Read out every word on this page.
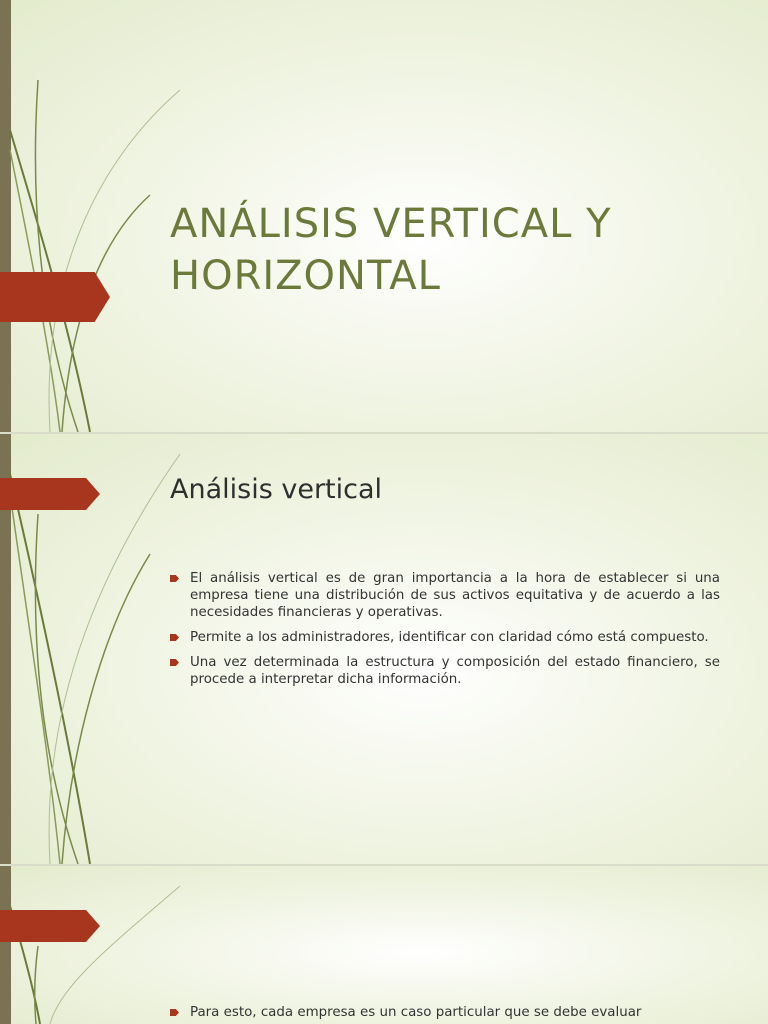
ANÁLISIS VERTICAL Y
HORIZONTAL
Análisis vertical
El análisis vertical es de gran importancia a la hora de establecer si una empresa tiene una distribución de sus activos equitativa y de acuerdo a las necesidades financieras y operativas.
Permite a los administradores, identificar con claridad cómo está compuesto.
Una vez determinada la estructura y composición del estado financiero, se procede a interpretar dicha información.
Para esto, cada empresa es un caso particular que se debe evaluar
